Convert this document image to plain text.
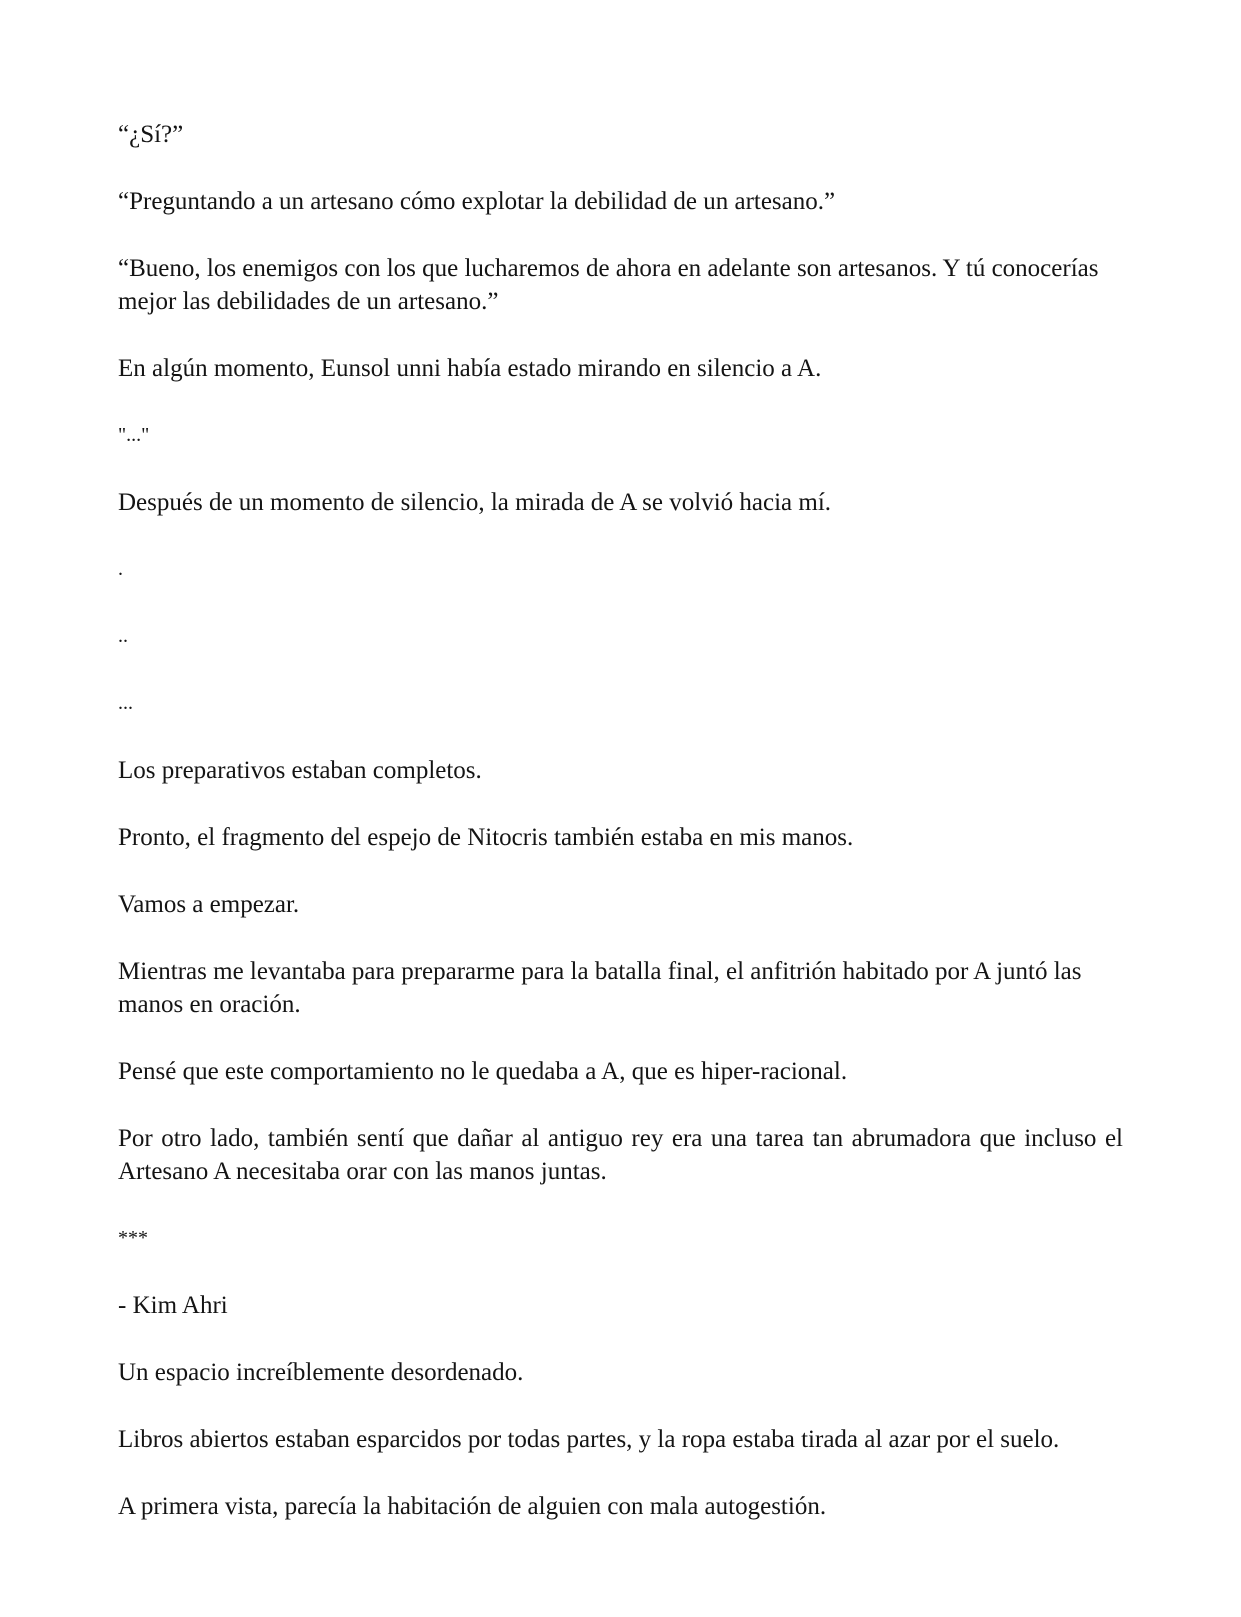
“¿Sí?”

“Preguntando a un artesano cómo explotar la debilidad de un artesano.”

“Bueno, los enemigos con los que lucharemos de ahora en adelante son artesanos. Y tú conocerías mejor las debilidades de un artesano.”

En algún momento, Eunsol unni había estado mirando en silencio a A.

"..."

Después de un momento de silencio, la mirada de A se volvió hacia mí.

.

..

...

Los preparativos estaban completos.

Pronto, el fragmento del espejo de Nitocris también estaba en mis manos.

Vamos a empezar.

Mientras me levantaba para prepararme para la batalla final, el anfitrión habitado por A juntó las manos en oración.

Pensé que este comportamiento no le quedaba a A, que es hiper-racional.

Por otro lado, también sentí que dañar al antiguo rey era una tarea tan abrumadora que incluso el Artesano A necesitaba orar con las manos juntas.

***

- Kim Ahri

Un espacio increíblemente desordenado.

Libros abiertos estaban esparcidos por todas partes, y la ropa estaba tirada al azar por el suelo.

A primera vista, parecía la habitación de alguien con mala autogestión.
